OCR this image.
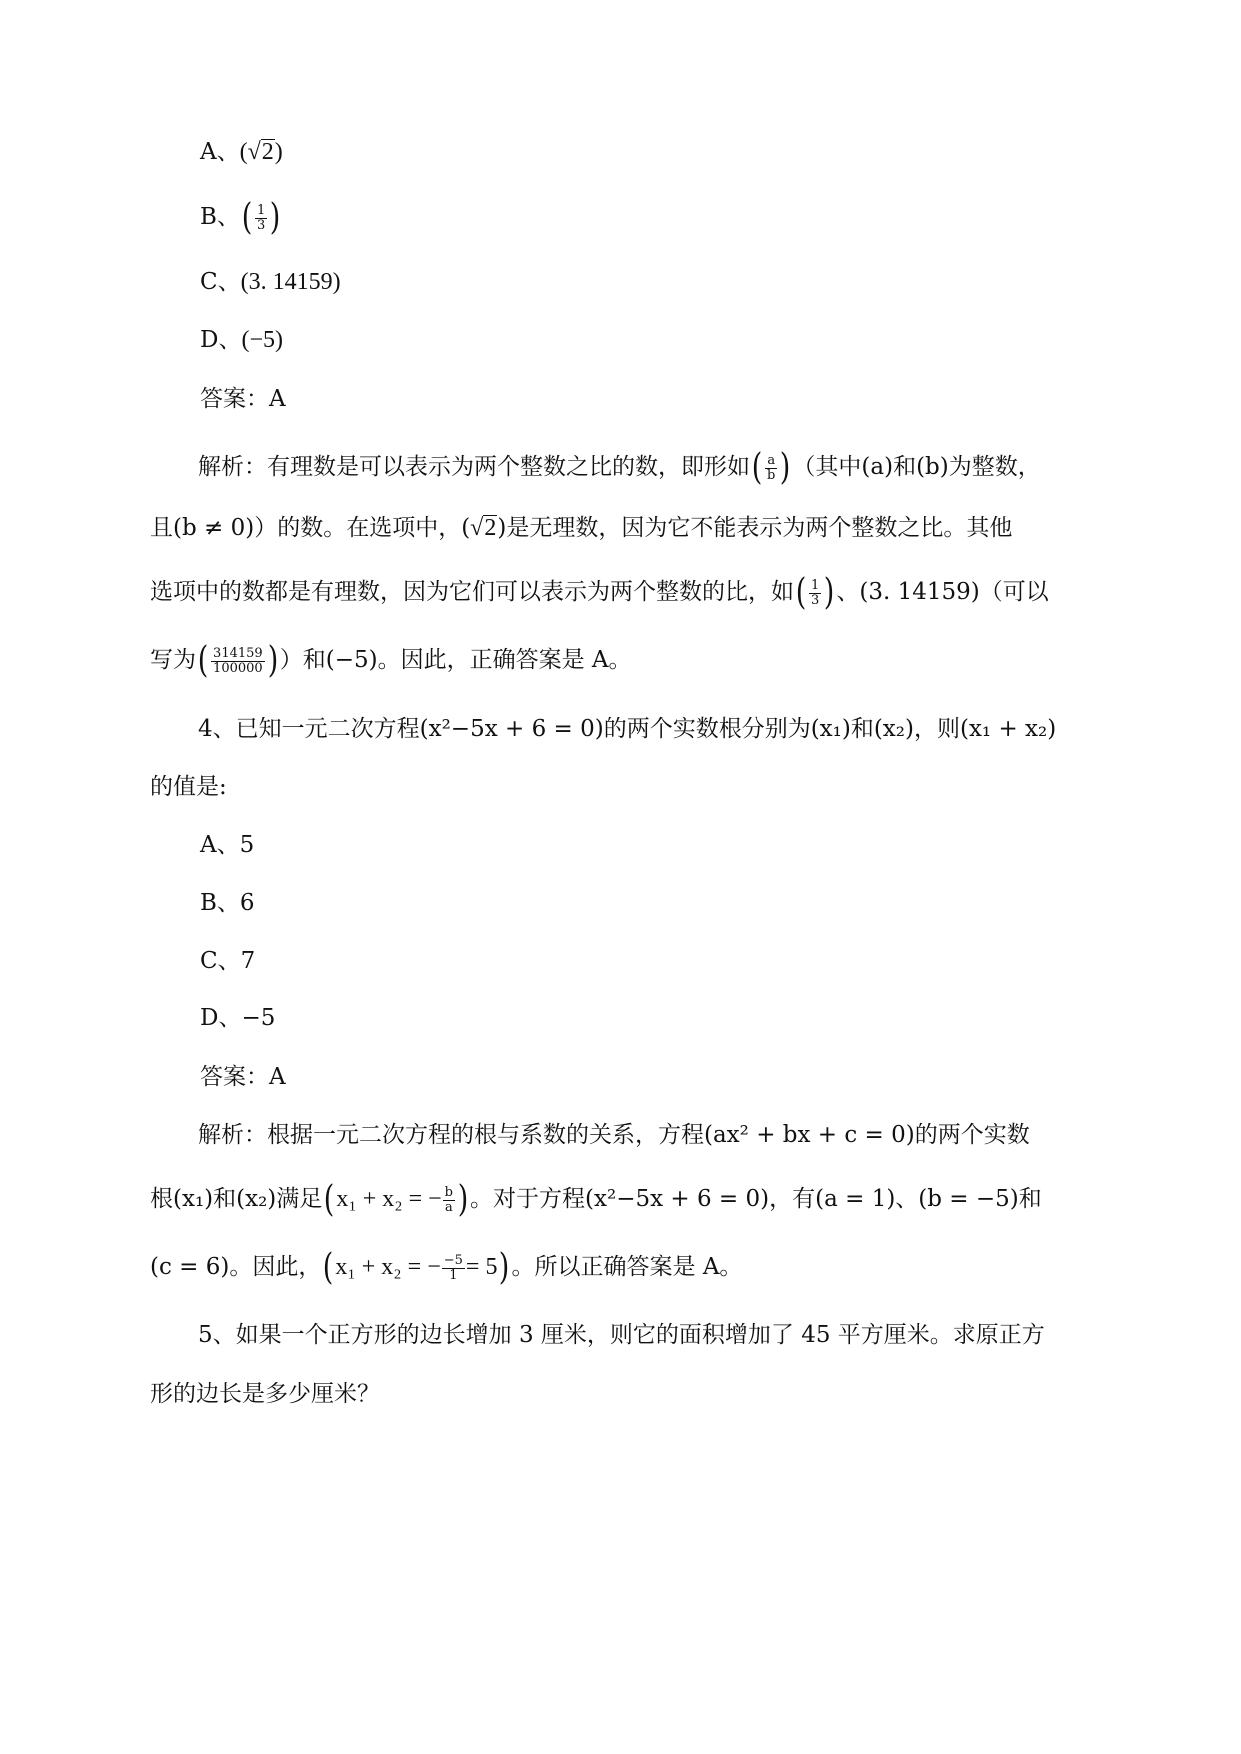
A、(√2)
B、( $\frac{1}{3}$ )
C、(3. 14159)
D、(−5)
答案：A
解析：有理数是可以表示为两个整数之比的数，即形如( $\frac{a}{b}$ )（其中(a)和(b)为整数，
且(b ≠ 0)）的数。在选项中，(√2)是无理数，因为它不能表示为两个整数之比。其他
选项中的数都是有理数，因为它们可以表示为两个整数的比，如( $\frac{1}{3}$ )、(3. 14159)（可以
写为( $\frac{314159}{100000}$ )）和(−5)。因此，正确答案是 A。
4、已知一元二次方程(x²−5x + 6 = 0)的两个实数根分别为(x₁)和(x₂)，则(x₁ + x₂)
的值是:
A、5
B、6
C、7
D、−5
答案：A
解析：根据一元二次方程的根与系数的关系，方程(ax² + bx + c = 0)的两个实数
根(x₁)和(x₂)满足(x₁ + x₂ = − $\frac{b}{a}$ )。对于方程(x²−5x + 6 = 0)，有(a = 1)、(b = −5)和
(c = 6)。因此，(x₁ + x₂ = − $\frac{-5}{1} = 5$)。所以正确答案是 A。
5、如果一个正方形的边长增加 3 厘米，则它的面积增加了 45 平方厘米。求原正方
形的边长是多少厘米？
